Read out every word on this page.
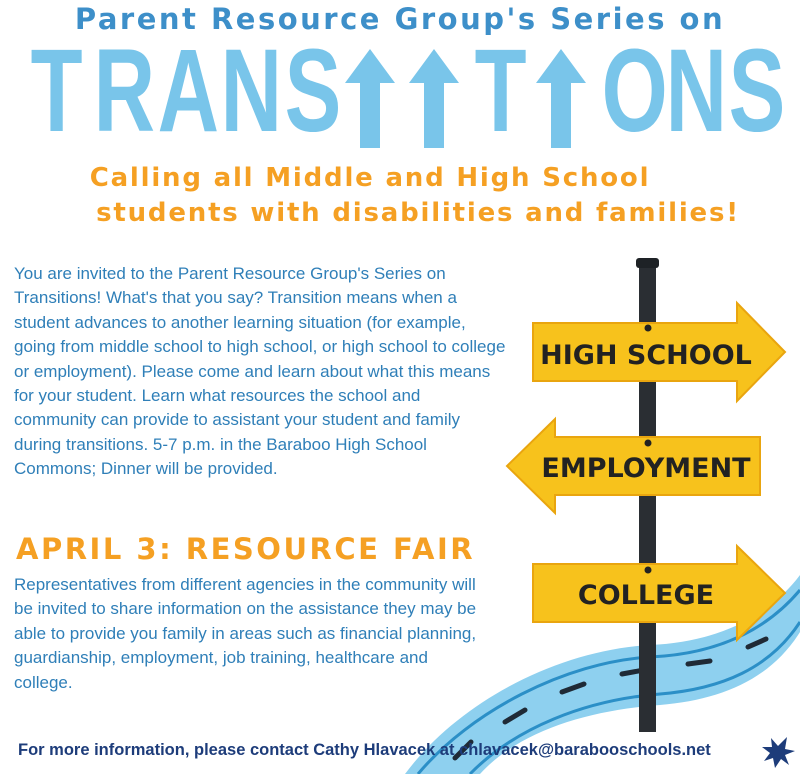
HIGH SCHOOL
EMPLOYMENT
COLLEGE
Parent Resource Group's Series on
T R A N S T O
N S
Calling all Middle and High School
students with disabilities and families!

You are invited to the Parent Resource Group's Series on Transitions! What's that you say? Transition means when a student advances to another learning situation (for example, going from middle school to high school, or high school to college or employment). Please come and learn about what this means for your student. Learn what resources the school and community can provide to assistant your student and family during transitions. 5-7 p.m. in the Baraboo High School Commons; Dinner will be provided.

APRIL 3: RESOURCE FAIR

Representatives from different agencies in the community will be invited to share information on the assistance they may be able to provide you family in areas such as financial planning, guardianship, employment, job training, healthcare and college.

For more information, please contact Cathy Hlavacek at chlavacek@barabooschools.net
